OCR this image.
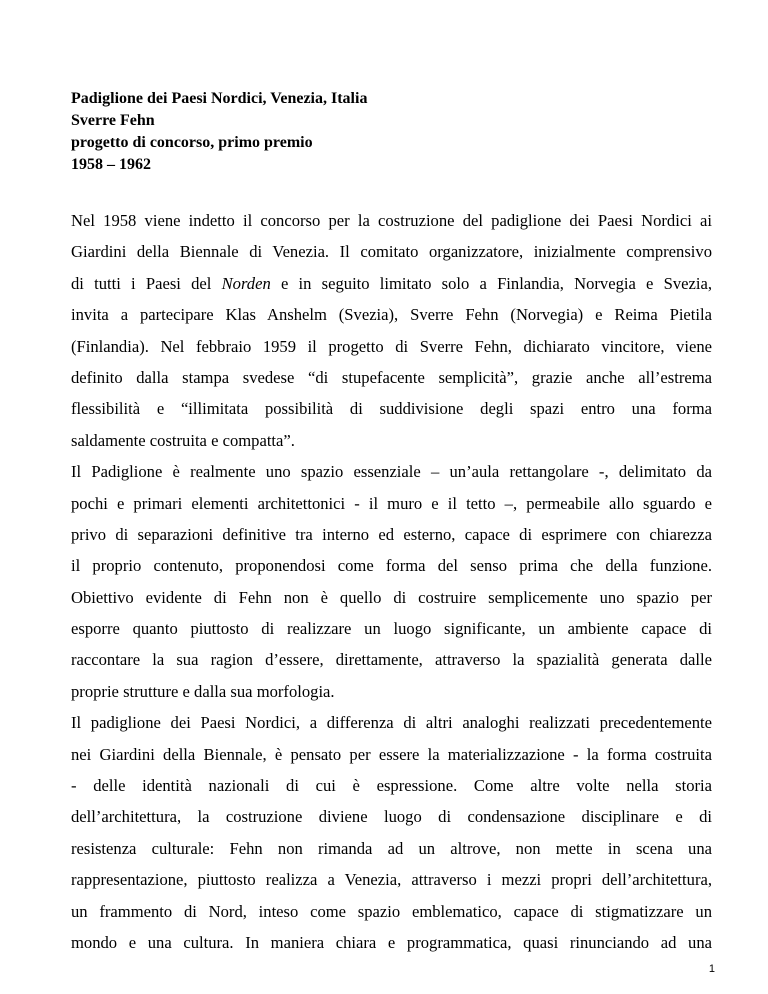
Padiglione dei Paesi Nordici, Venezia, Italia
Sverre Fehn
progetto di concorso, primo premio
1958 – 1962
Nel 1958 viene indetto il concorso per la costruzione del padiglione dei Paesi Nordici ai
Giardini della Biennale di Venezia. Il comitato organizzatore, inizialmente comprensivo
di tutti i Paesi del Norden e in seguito limitato solo a Finlandia, Norvegia e Svezia,
invita a partecipare Klas Anshelm (Svezia), Sverre Fehn (Norvegia) e Reima Pietila
(Finlandia). Nel febbraio 1959 il progetto di Sverre Fehn, dichiarato vincitore, viene
definito dalla stampa svedese “di stupefacente semplicità”, grazie anche all’estrema
flessibilità e “illimitata possibilità di suddivisione degli spazi entro una forma
saldamente costruita e compatta”.
Il Padiglione è realmente uno spazio essenziale – un’aula rettangolare -, delimitato da
pochi e primari elementi architettonici - il muro e il tetto –, permeabile allo sguardo e
privo di separazioni definitive tra interno ed esterno, capace di esprimere con chiarezza
il proprio contenuto, proponendosi come forma del senso prima che della funzione.
Obiettivo evidente di Fehn non è quello di costruire semplicemente uno spazio per
esporre quanto piuttosto di realizzare un luogo significante, un ambiente capace di
raccontare la sua ragion d’essere, direttamente, attraverso la spazialità generata dalle
proprie strutture e dalla sua morfologia.
Il padiglione dei Paesi Nordici, a differenza di altri analoghi realizzati precedentemente
nei Giardini della Biennale, è pensato per essere la materializzazione - la forma costruita
- delle identità nazionali di cui è espressione. Come altre volte nella storia
dell’architettura, la costruzione diviene luogo di condensazione disciplinare e di
resistenza culturale: Fehn non rimanda ad un altrove, non mette in scena una
rappresentazione, piuttosto realizza a Venezia, attraverso i mezzi propri dell’architettura,
un frammento di Nord, inteso come spazio emblematico, capace di stigmatizzare un
mondo e una cultura. In maniera chiara e programmatica, quasi rinunciando ad una
1
